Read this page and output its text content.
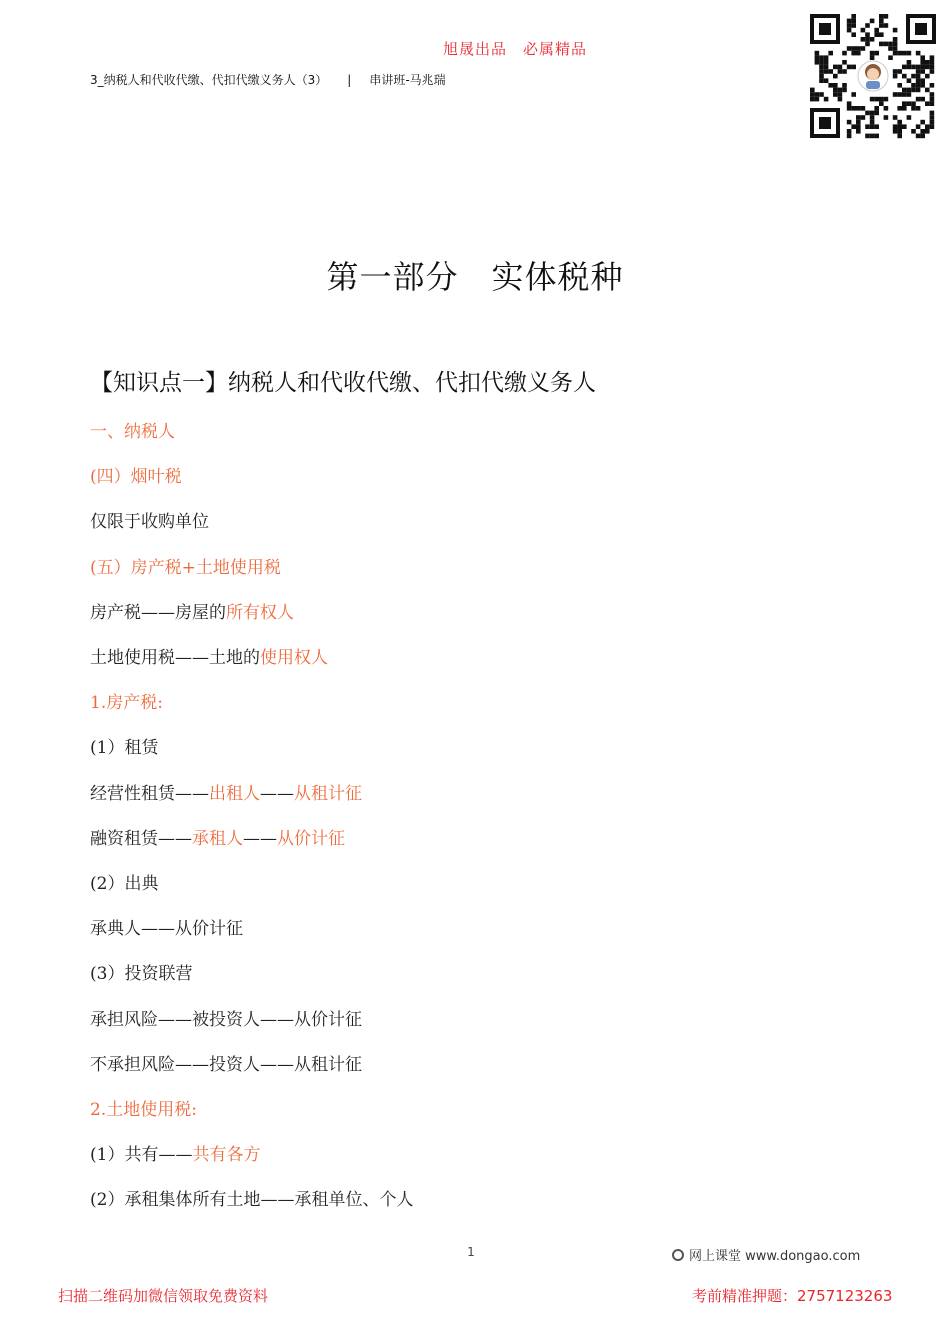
旭晟出品　必属精品
3_纳税人和代收代缴、代扣代缴义务人（3） | 串讲班-马兆瑞
第一部分　实体税种
【知识点一】纳税人和代收代缴、代扣代缴义务人
一、纳税人
(四）烟叶税
仅限于收购单位
(五）房产税+土地使用税
房产税——房屋的所有权人
土地使用税——土地的使用权人
1.房产税:
(1）租赁
经营性租赁——出租人——从租计征
融资租赁——承租人——从价计征
(2）出典
承典人——从价计征
(3）投资联营
承担风险——被投资人——从价计征
不承担风险——投资人——从租计征
2.土地使用税:
(1）共有——共有各方
(2）承租集体所有土地——承租单位、个人
1	网上课堂 www.dongao.com
扫描二维码加微信领取免费资料	考前精准押题：2757123263
